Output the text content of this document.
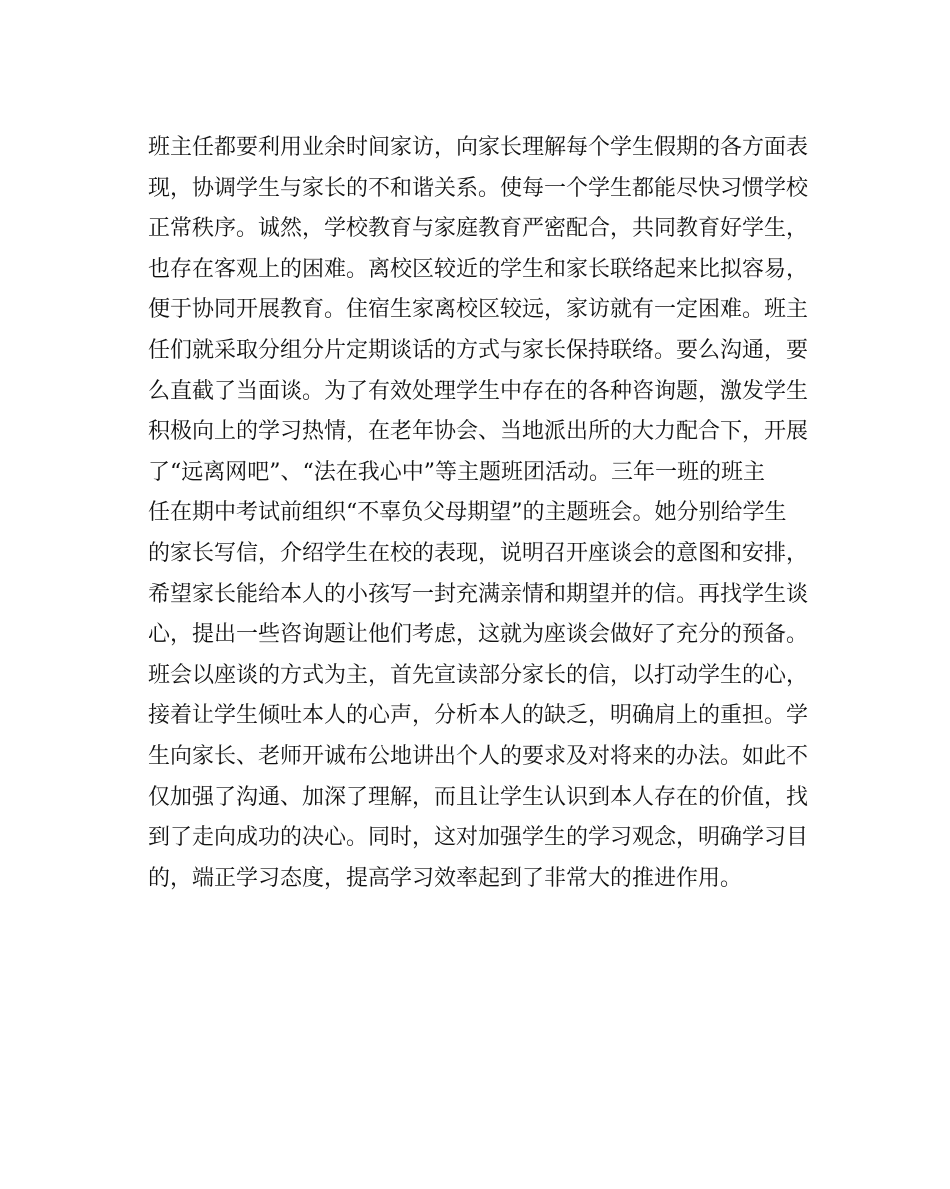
班主任都要利用业余时间家访，向家长理解每个学生假期的各方面表
现，协调学生与家长的不和谐关系。使每一个学生都能尽快习惯学校
正常秩序。诚然，学校教育与家庭教育严密配合，共同教育好学生，
也存在客观上的困难。离校区较近的学生和家长联络起来比拟容易，
便于协同开展教育。住宿生家离校区较远，家访就有一定困难。班主
任们就采取分组分片定期谈话的方式与家长保持联络。要么沟通，要
么直截了当面谈。为了有效处理学生中存在的各种咨询题，激发学生
积极向上的学习热情，在老年协会、当地派出所的大力配合下，开展
了“远离网吧”、“法在我心中”等主题班团活动。三年一班的班主
任在期中考试前组织“不辜负父母期望”的主题班会。她分别给学生
的家长写信，介绍学生在校的表现，说明召开座谈会的意图和安排，
希望家长能给本人的小孩写一封充满亲情和期望并的信。再找学生谈
心，提出一些咨询题让他们考虑，这就为座谈会做好了充分的预备。
班会以座谈的方式为主，首先宣读部分家长的信，以打动学生的心，
接着让学生倾吐本人的心声，分析本人的缺乏，明确肩上的重担。学
生向家长、老师开诚布公地讲出个人的要求及对将来的办法。如此不
仅加强了沟通、加深了理解，而且让学生认识到本人存在的价值，找
到了走向成功的决心。同时，这对加强学生的学习观念，明确学习目
的，端正学习态度，提高学习效率起到了非常大的推进作用。
